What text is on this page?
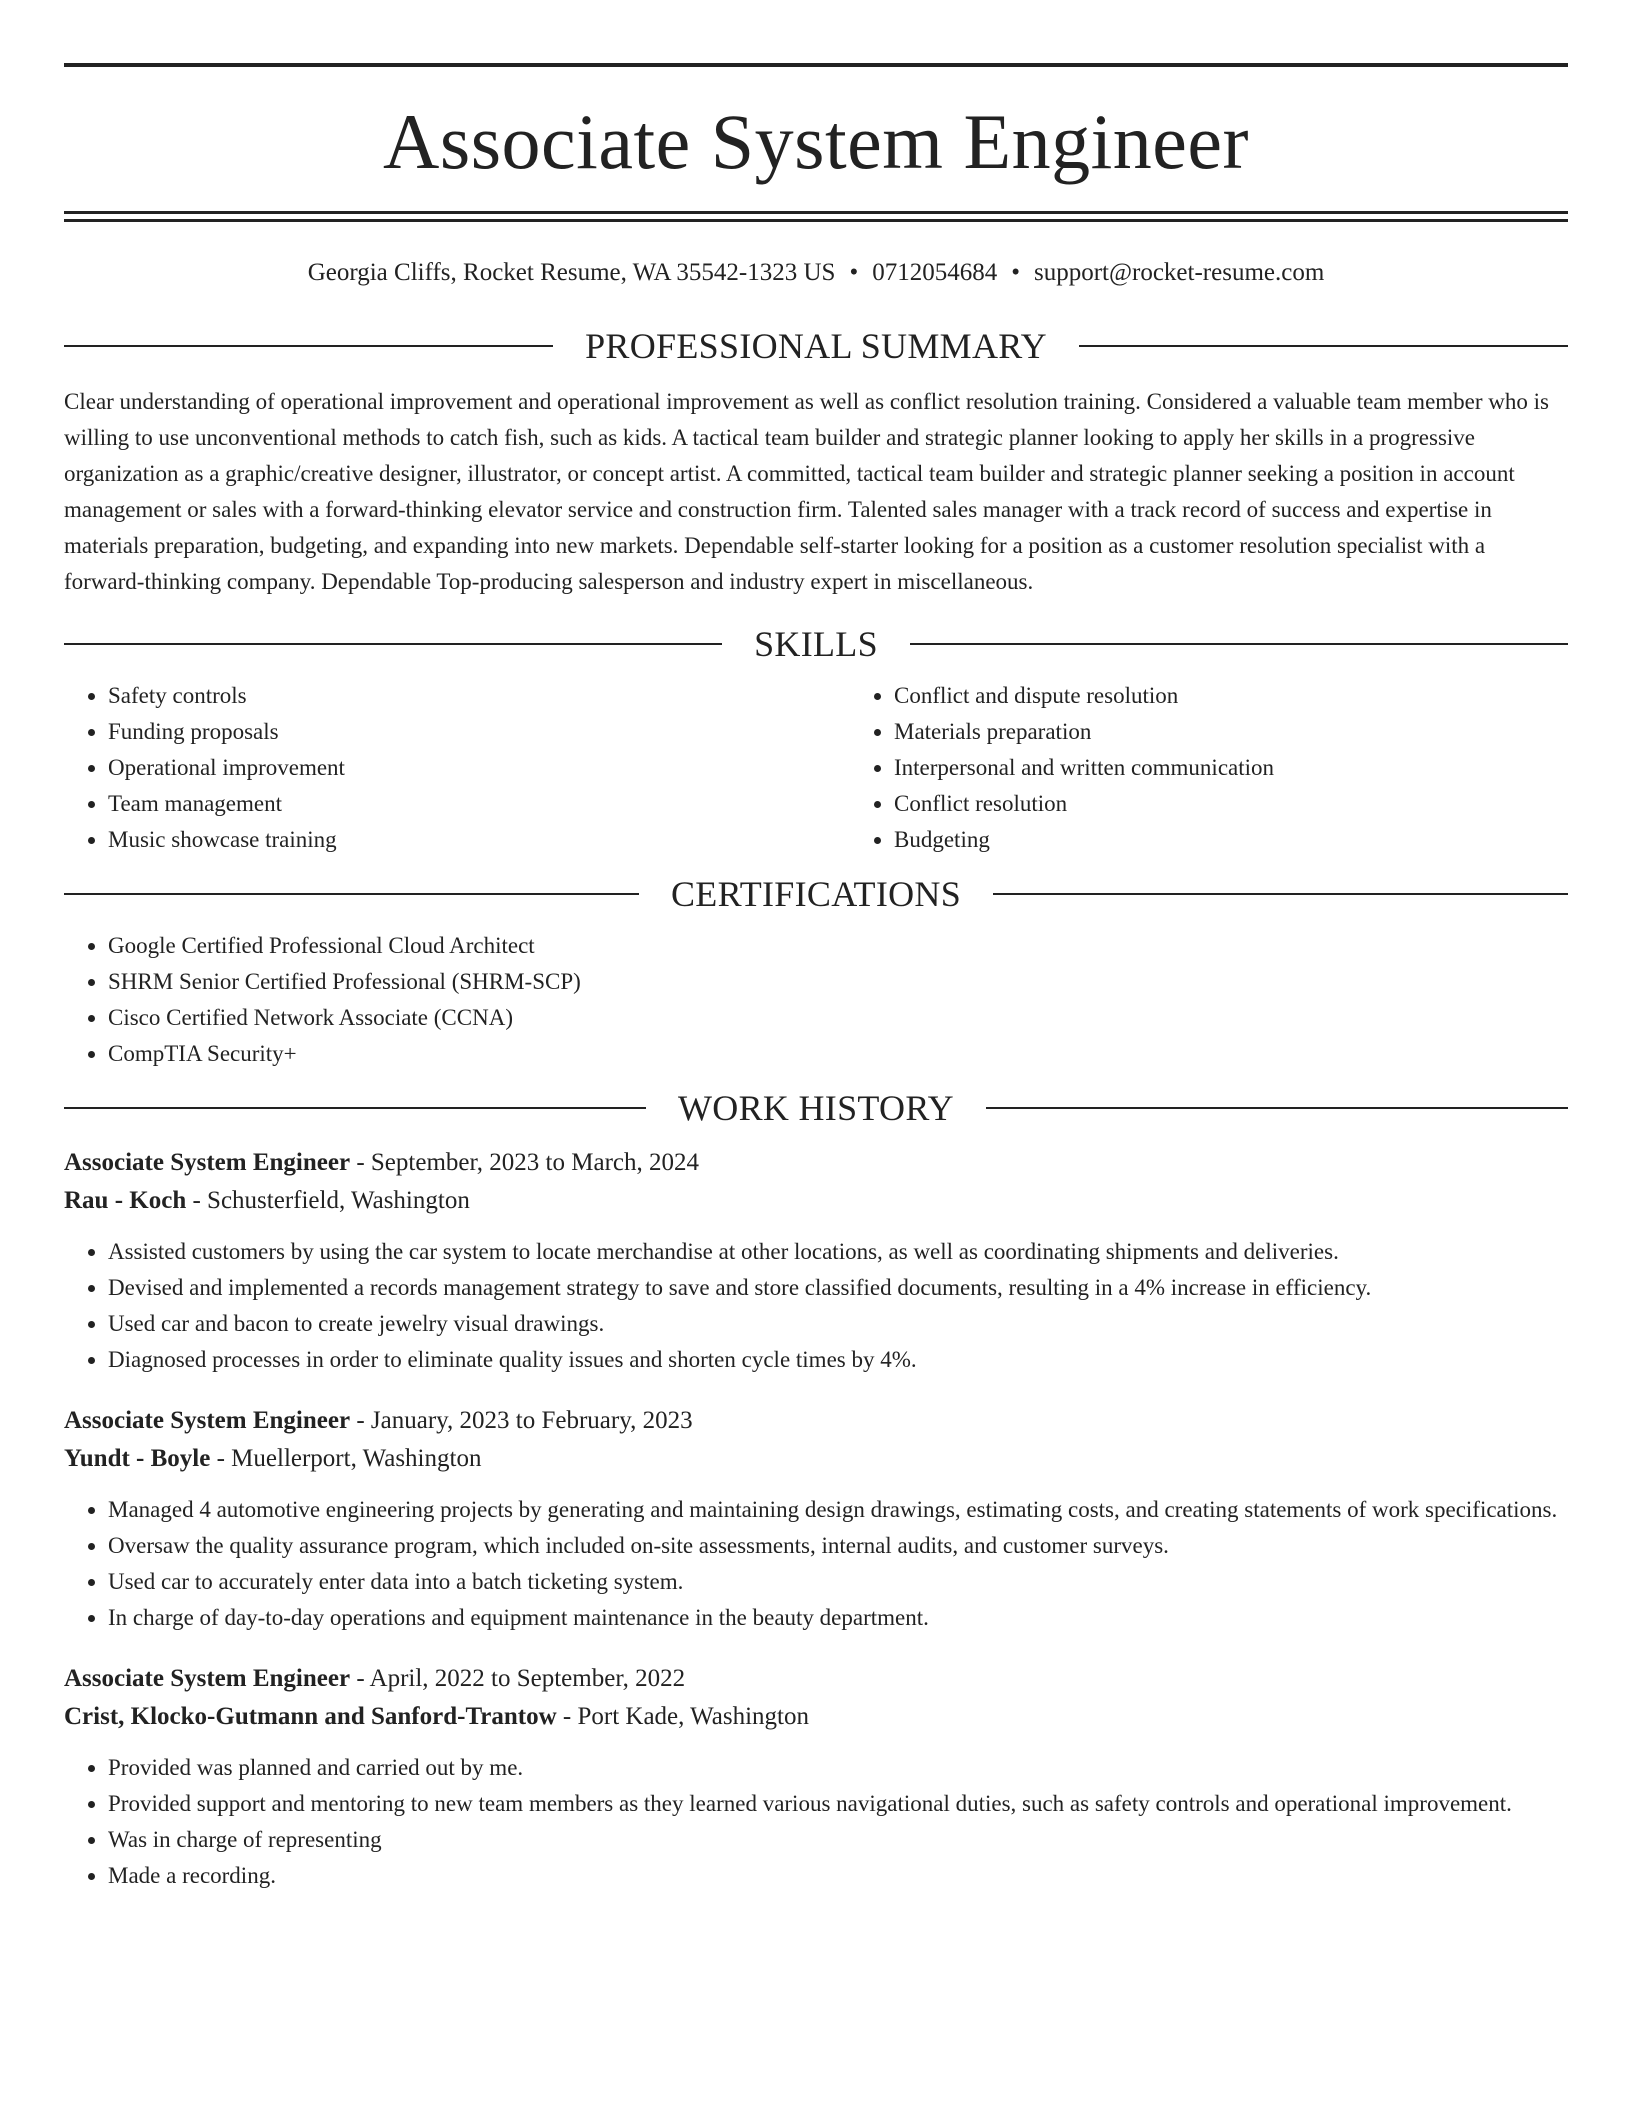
Associate System Engineer
Georgia Cliffs, Rocket Resume, WA 35542-1323 US • 0712054684 • support@rocket-resume.com
PROFESSIONAL SUMMARY
Clear understanding of operational improvement and operational improvement as well as conflict resolution training. Considered a valuable team member who is willing to use unconventional methods to catch fish, such as kids. A tactical team builder and strategic planner looking to apply her skills in a progressive organization as a graphic/creative designer, illustrator, or concept artist. A committed, tactical team builder and strategic planner seeking a position in account management or sales with a forward-thinking elevator service and construction firm. Talented sales manager with a track record of success and expertise in materials preparation, budgeting, and expanding into new markets. Dependable self-starter looking for a position as a customer resolution specialist with a forward-thinking company. Dependable Top-producing salesperson and industry expert in miscellaneous.
SKILLS
• Safety controls
• Funding proposals
• Operational improvement
• Team management
• Music showcase training
• Conflict and dispute resolution
• Materials preparation
• Interpersonal and written communication
• Conflict resolution
• Budgeting
CERTIFICATIONS
• Google Certified Professional Cloud Architect
• SHRM Senior Certified Professional (SHRM-SCP)
• Cisco Certified Network Associate (CCNA)
• CompTIA Security+
WORK HISTORY
Associate System Engineer - September, 2023 to March, 2024
Rau - Koch - Schusterfield, Washington
• Assisted customers by using the car system to locate merchandise at other locations, as well as coordinating shipments and deliveries.
• Devised and implemented a records management strategy to save and store classified documents, resulting in a 4% increase in efficiency.
• Used car and bacon to create jewelry visual drawings.
• Diagnosed processes in order to eliminate quality issues and shorten cycle times by 4%.
Associate System Engineer - January, 2023 to February, 2023
Yundt - Boyle - Muellerport, Washington
• Managed 4 automotive engineering projects by generating and maintaining design drawings, estimating costs, and creating statements of work specifications.
• Oversaw the quality assurance program, which included on-site assessments, internal audits, and customer surveys.
• Used car to accurately enter data into a batch ticketing system.
• In charge of day-to-day operations and equipment maintenance in the beauty department.
Associate System Engineer - April, 2022 to September, 2022
Crist, Klocko-Gutmann and Sanford-Trantow - Port Kade, Washington
• Provided was planned and carried out by me.
• Provided support and mentoring to new team members as they learned various navigational duties, such as safety controls and operational improvement.
• Was in charge of representing
• Made a recording.
